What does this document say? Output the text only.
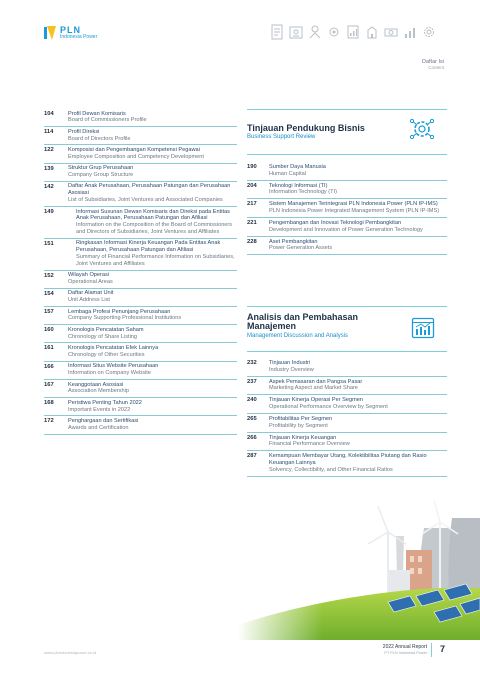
PLN
Indonesia Power
Daftar Isi
Content
104	Profil Dewan Komisaris
Board of Commissioners Profile
114	Profil Direksi
Board of Directors Profile
122	Komposisi dan Pengembangan Kompetensi Pegawai
Employee Composition and Competency Development
139	Struktur Grup Perusahaan
Company Group Structure
142	Daftar Anak Perusahaan, Perusahaan Patungan dan Perusahaan Asosiasi
List of Subsidiaries, Joint Ventures and Associated Companies
149	Informasi Susunan Dewan Komisaris dan Direksi pada Entitas Anak Perusahaan, Perusahaan Patungan dan Afiliasi
Information on the Composition of the Board of Commissioners and Directors of Subsidiaries, Joint Ventures and Affiliates
151	Ringkasan Informasi Kinerja Keuangan Pada Entitas Anak Perusahaan, Perusahaan Patungan dan Afiliasi
Summary of Financial Performance Information on Subsidiaries, Joint Ventures and Affiliates
152	Wilayah Operasi
Operational Areas
154	Daftar Alamat Unit
Unit Address List
157	Lembaga Profesi Penunjang Perusahaan
Company Supporting Professional Institutions
160	Kronologis Pencatatan Saham
Chronology of Share Listing
161	Kronologis Pencatatan Efek Lainnya
Chronology of Other Securities
166	Informasi Situs Website Perusahaan
Information on Company Website
167	Keanggotaan Asosiasi
Association Membership
168	Peristiwa Penting Tahun 2022
Important Events in 2022
172	Penghargaan dan Sertifikasi
Awards and Certification
Tinjauan Pendukung Bisnis
Business Support Review
190	Sumber Daya Manusia
Human Capital
204	Teknologi Informasi (TI)
Information Technology (TI)
217	Sistem Manajemen Terintegrasi PLN Indonesia Power (PLN IP-IMS)
PLN Indonesia Power Integrated Management System (PLN IP-IMS)
221	Pengembangan dan Inovasi Teknologi Pembangkitan
Development and Innovation of Power Generation Technology
228	Aset Pembangkitan
Power Generation Assets
Analisis dan Pembahasan
Manajemen
Management Discussion and Analysis
232	Tinjauan Industri
Industry Overview
237	Aspek Pemasaran dan Pangsa Pasar
Marketing Aspect and Market Share
240	Tinjauan Kinerja Operasi Per Segmen
Operational Performance Overview by Segment
265	Profitabilitas Per Segmen
Profitability by Segment
266	Tinjauan Kinerja Keuangan
Financial Performance Overview
287	Kemampuan Membayar Utang, Kolektibilitas Piutang dan Rasio Keuangan Lainnya
Solvency, Collectibility, and Other Financial Ratios
www.plnindonesiapower.co.id
2022 Annual Report
PT PLN Indonesia Power 7
